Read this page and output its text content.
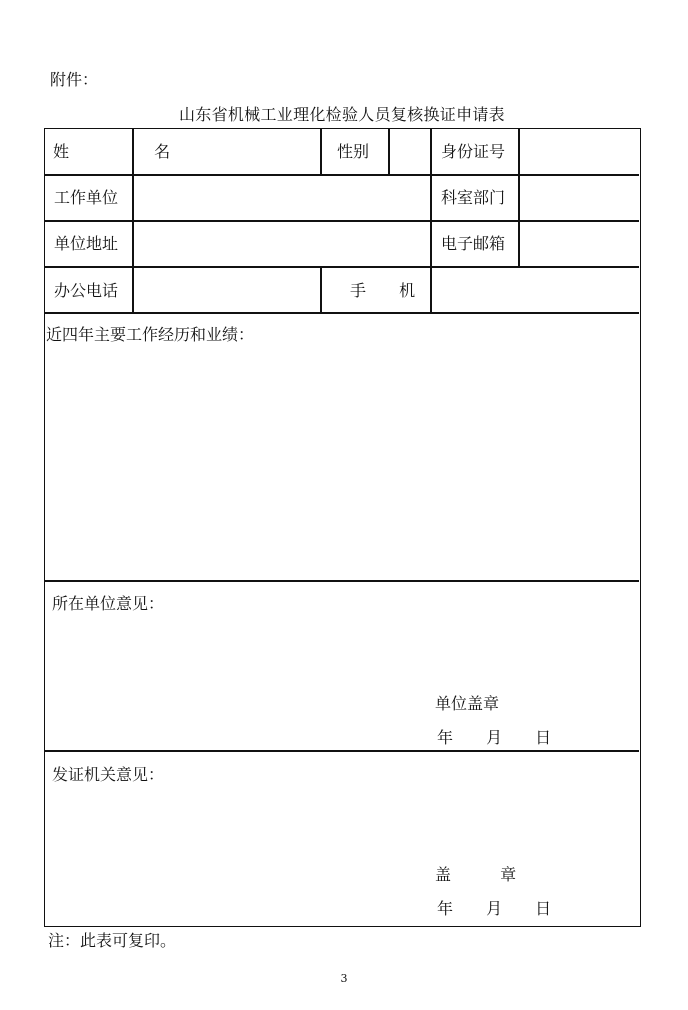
附件：
山东省机械工业理化检验人员复核换证申请表
姓 名	性别	身份证号
工作单位	科室部门
单位地址	电子邮箱
办公电话	手 机
近四年主要工作经历和业绩：
所在单位意见：
单位盖章
年 月 日
发证机关意见：
盖 章
年 月 日
注：此表可复印。
3
